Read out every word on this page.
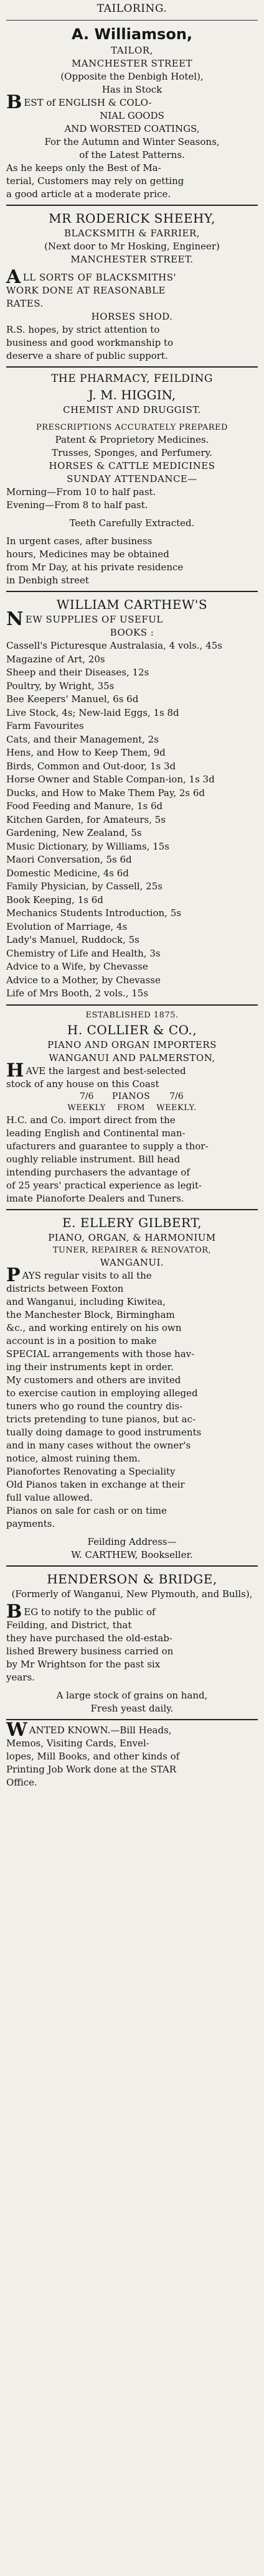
TAILORING.
A. Williamson,
TAILOR,
MANCHESTER STREET
(Opposite the Denbigh Hotel),
Has in Stock
BEST of ENGLISH & COLO-
NIAL GOODS
AND WORSTED COATINGS,
For the Autumn and Winter Seasons,
of the Latest Patterns.
As he keeps only the Best of Ma-
terial, Customers may rely on getting
a good article at a moderate price.
MR RODERICK SHEEHY,
BLACKSMITH & FARRIER,
(Next door to Mr Hosking, Engineer)
MANCHESTER STREET.
ALL SORTS OF BLACKSMITHS'
WORK DONE AT REASONABLE
RATES.
HORSES SHOD.
R.S. hopes, by strict attention to
business and good workmanship to
deserve a share of public support.
THE PHARMACY, FEILDING
J. M. HIGGIN,
CHEMIST AND DRUGGIST.
PRESCRIPTIONS ACCURATELY PREPARED
Patent & Proprietory Medicines.
Trusses, Sponges, and Perfumery.
HORSES & CATTLE MEDICINES
SUNDAY ATTENDANCE—
Morning—From 10 to half past.
Evening—From 8 to half past.
Teeth Carefully Extracted.
In urgent cases, after business
hours, Medicines may be obtained
from Mr Day, at his private residence
in Denbigh street
WILLIAM CARTHEW'S
NEW SUPPLIES OF USEFUL
BOOKS :
Cassell's Picturesque Australasia, 4 vols., 45s
Magazine of Art, 20s
Sheep and their Diseases, 12s
Poultry, by Wright, 35s
Bee Keepers' Manuel, 6s 6d
Live Stock, 4s; New-laid Eggs, 1s 8d
Farm Favourites
Cats, and their Management, 2s
Hens, and How to Keep Them, 9d
Birds, Common and Out-door, 1s 3d
Horse Owner and Stable Compan-ion, 1s 3d
Ducks, and How to Make Them Pay, 2s 6d
Food Feeding and Manure, 1s 6d
Kitchen Garden, for Amateurs, 5s
Gardening, New Zealand, 5s
Music Dictionary, by Williams, 15s
Maori Conversation, 5s 6d
Domestic Medicine, 4s 6d
Family Physician, by Cassell, 25s
Book Keeping, 1s 6d
Mechanics Students Introduction, 5s
Evolution of Marriage, 4s
Lady's Manuel, Ruddock, 5s
Chemistry of Life and Health, 3s
Advice to a Wife, by Chevasse
Advice to a Mother, by Chevasse
Life of Mrs Booth, 2 vols., 15s
ESTABLISHED 1875.
H. COLLIER & CO.,
PIANO AND ORGAN IMPORTERS
WANGANUI AND PALMERSTON,
HAVE the largest and best-selected
stock of any house on this Coast
7/6
WEEKLY
PIANOS
FROM
7/6
WEEKLY.
H.C. and Co. import direct from the
leading English and Continental man-
ufacturers and guarantee to supply a thor-
oughly reliable instrument. Bill head
intending purchasers the advantage of
of 25 years' practical experience as legit-
imate Pianoforte Dealers and Tuners.
E. ELLERY GILBERT,
PIANO, ORGAN, & HARMONIUM
TUNER, REPAIRER & RENOVATOR,
WANGANUI.
PAYS regular visits to all the
districts between Foxton
and Wanganui, including Kiwitea,
the Manchester Block, Birmingham
&c., and working entirely on his own
account is in a position to make
SPECIAL arrangements with those hav-
ing their instruments kept in order.
My customers and others are invited
to exercise caution in employing alleged
tuners who go round the country dis-
tricts pretending to tune pianos, but ac-
tually doing damage to good instruments
and in many cases without the owner's
notice, almost ruining them.
Pianofortes Renovating a Speciality
Old Pianos taken in exchange at their
full value allowed.
Pianos on sale for cash or on time
payments.
Feilding Address—
W. CARTHEW, Bookseller.
HENDERSON & BRIDGE,
(Formerly of Wanganui, New Plymouth, and Bulls),
BEG to notify to the public of
Feilding, and District, that
they have purchased the old-estab-
lished Brewery business carried on
by Mr Wrightson for the past six
years.
A large stock of grains on hand,
Fresh yeast daily.
WANTED KNOWN.—Bill Heads,
Memos, Visiting Cards, Envel-
lopes, Mill Books, and other kinds of
Printing Job Work done at the STAR
Office.
